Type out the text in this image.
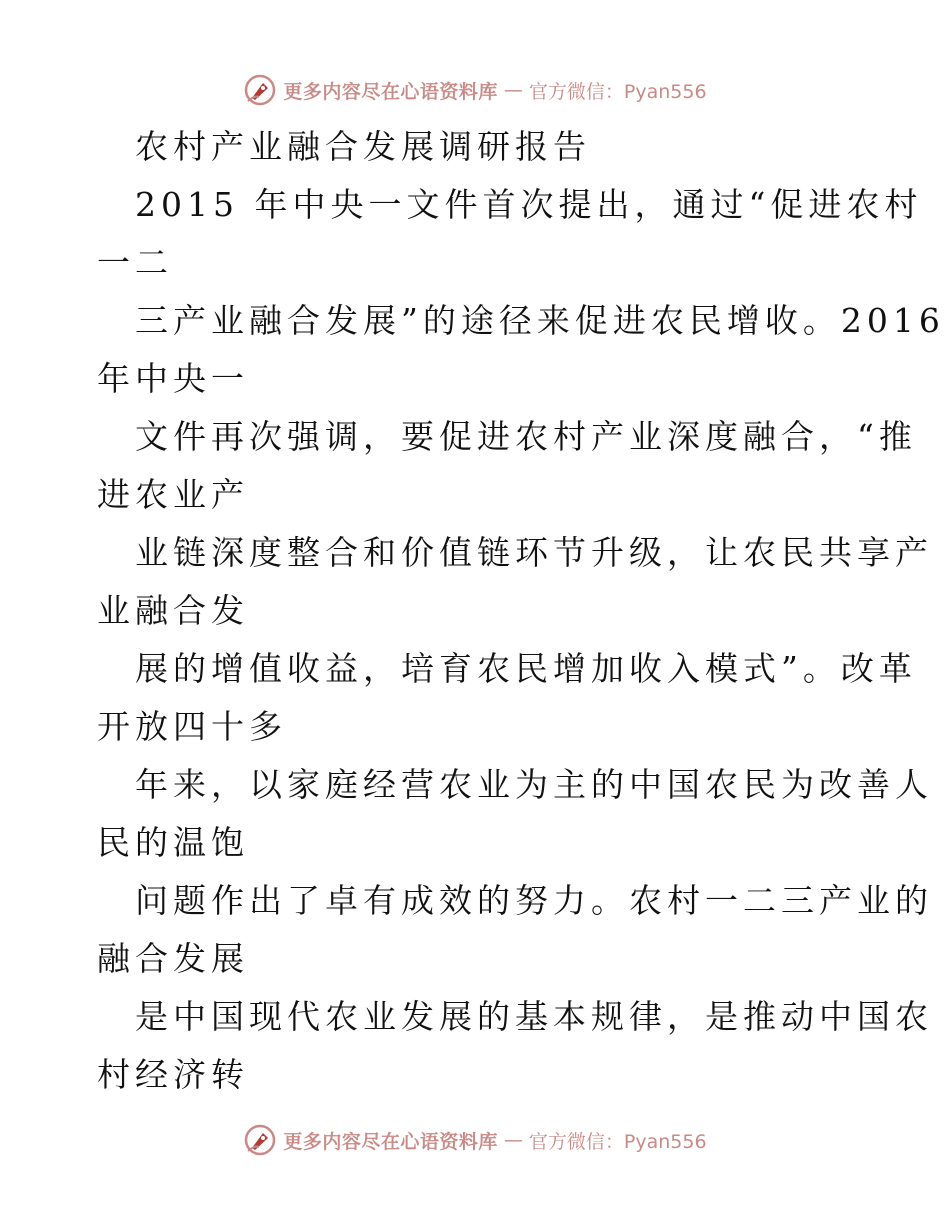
更多内容尽在心语资料库 — 官方微信：Pyan556
农村产业融合发展调研报告
2015 年中央一文件首次提出，通过“促进农村
一二
三产业融合发展”的途径来促进农民增收。2016
年中央一
文件再次强调，要促进农村产业深度融合，“推
进农业产
业链深度整合和价值链环节升级，让农民共享产
业融合发
展的增值收益，培育农民增加收入模式”。改革
开放四十多
年来，以家庭经营农业为主的中国农民为改善人
民的温饱
问题作出了卓有成效的努力。农村一二三产业的
融合发展
是中国现代农业发展的基本规律，是推动中国农
村经济转
更多内容尽在心语资料库 — 官方微信：Pyan556
